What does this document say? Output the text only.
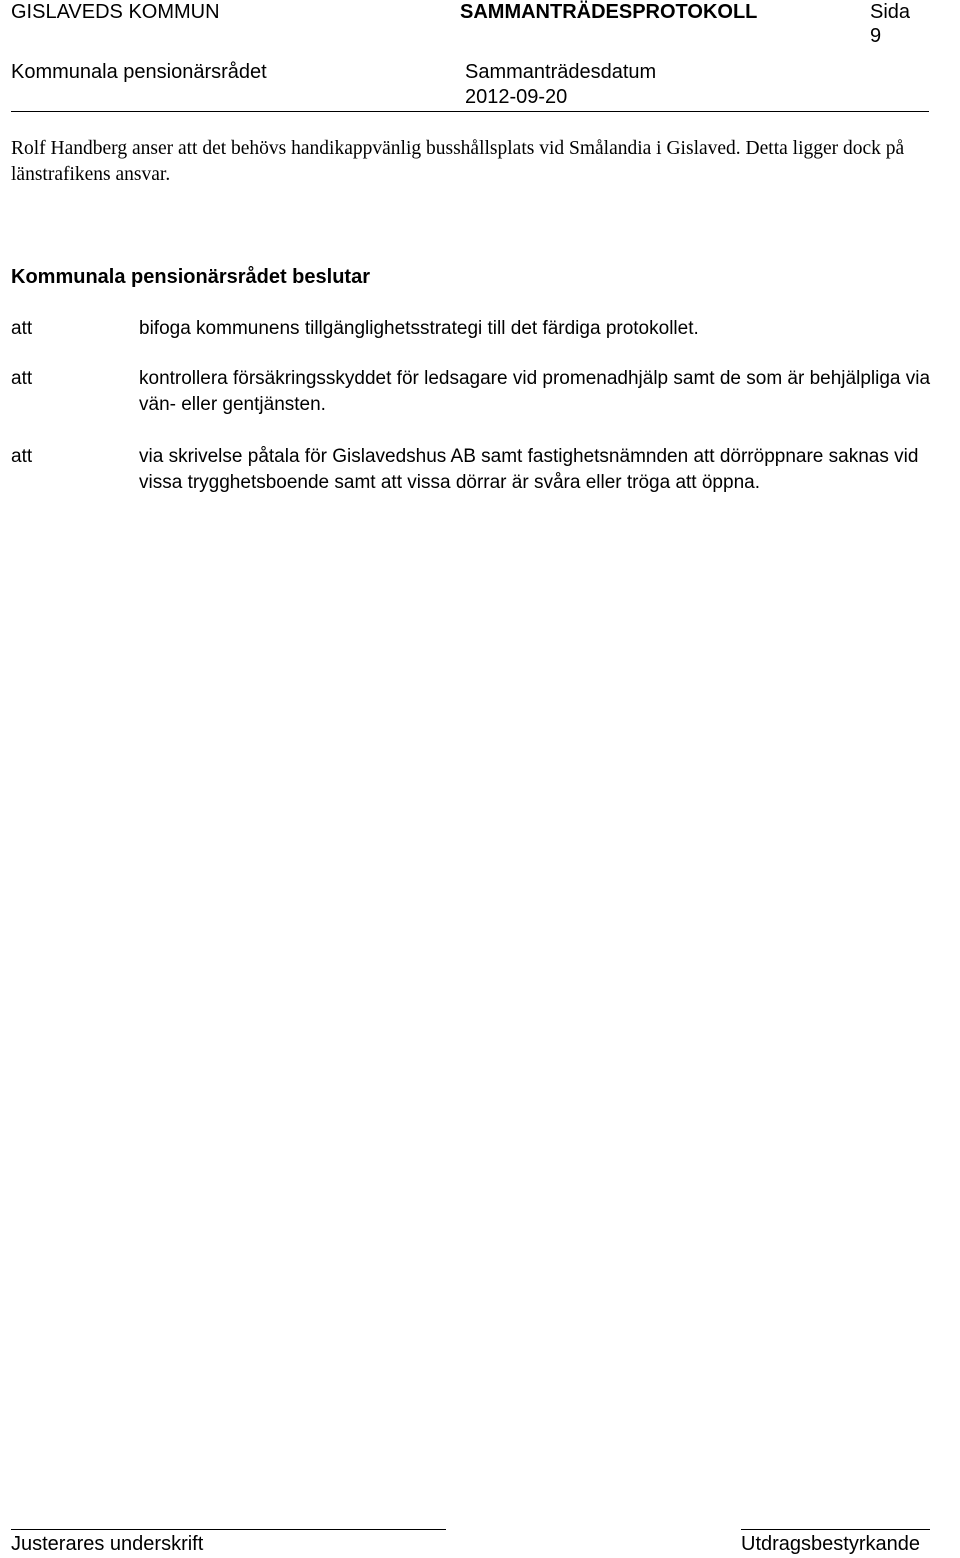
GISLAVEDS KOMMUN	SAMMANTRÄDESPROTOKOLL	Sida
9
Kommunala pensionärsrådet	Sammanträdesdatum
2012-09-20
Rolf Handberg anser att det behövs handikappvänlig busshållsplats vid Smålandia i Gislaved. Detta ligger dock på länstrafikens ansvar.
Kommunala pensionärsrådet beslutar
att	bifoga kommunens tillgänglighetsstrategi till det färdiga protokollet.
att	kontrollera försäkringsskyddet för ledsagare vid promenadhjälp samt de som är behjälpliga via vän- eller gentjänsten.
att	via skrivelse påtala för Gislavedshus AB samt fastighetsnämnden att dörröppnare saknas vid vissa trygghetsboende samt att vissa dörrar är svåra eller tröga att öppna.
Justerares underskrift	Utdragsbestyrkande
